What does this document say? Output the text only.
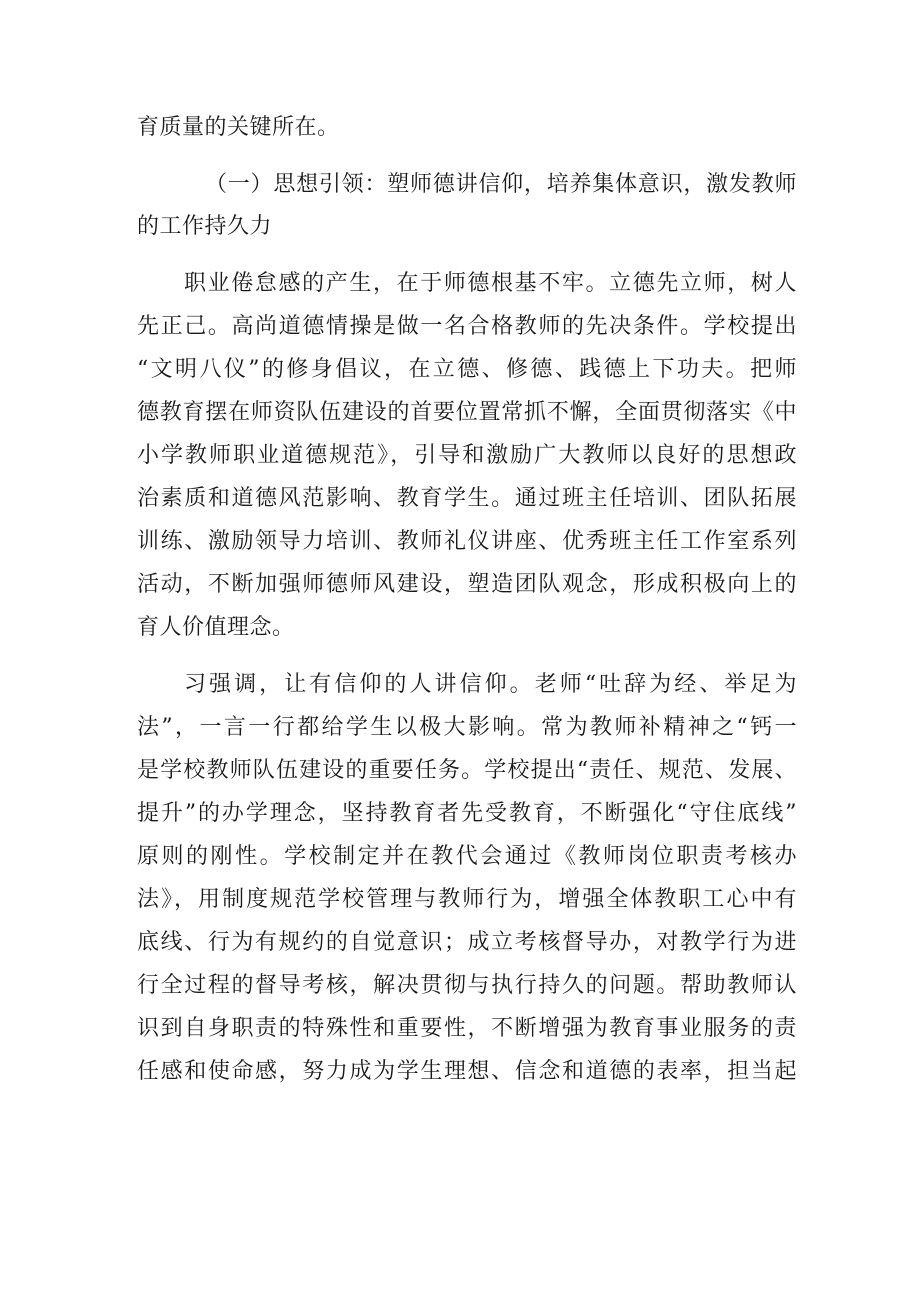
育质量的关键所在。
（一）思想引领：塑师德讲信仰，培养集体意识，激发教师
的工作持久力
职业倦怠感的产生，在于师德根基不牢。立德先立师，树人
先正己。高尚道德情操是做一名合格教师的先决条件。学校提出
“文明八仪”的修身倡议，在立德、修德、践德上下功夫。把师
德教育摆在师资队伍建设的首要位置常抓不懈，全面贯彻落实《中
小学教师职业道德规范》，引导和激励广大教师以良好的思想政
治素质和道德风范影响、教育学生。通过班主任培训、团队拓展
训练、激励领导力培训、教师礼仪讲座、优秀班主任工作室系列
活动，不断加强师德师风建设，塑造团队观念，形成积极向上的
育人价值理念。
习强调，让有信仰的人讲信仰。老师“吐辞为经、举足为
法”，一言一行都给学生以极大影响。常为教师补精神之“钙一
是学校教师队伍建设的重要任务。学校提出“责任、规范、发展、
提升”的办学理念，坚持教育者先受教育，不断强化“守住底线”
原则的刚性。学校制定并在教代会通过《教师岗位职责考核办
法》，用制度规范学校管理与教师行为，增强全体教职工心中有
底线、行为有规约的自觉意识；成立考核督导办，对教学行为进
行全过程的督导考核，解决贯彻与执行持久的问题。帮助教师认
识到自身职责的特殊性和重要性，不断增强为教育事业服务的责
任感和使命感，努力成为学生理想、信念和道德的表率，担当起
